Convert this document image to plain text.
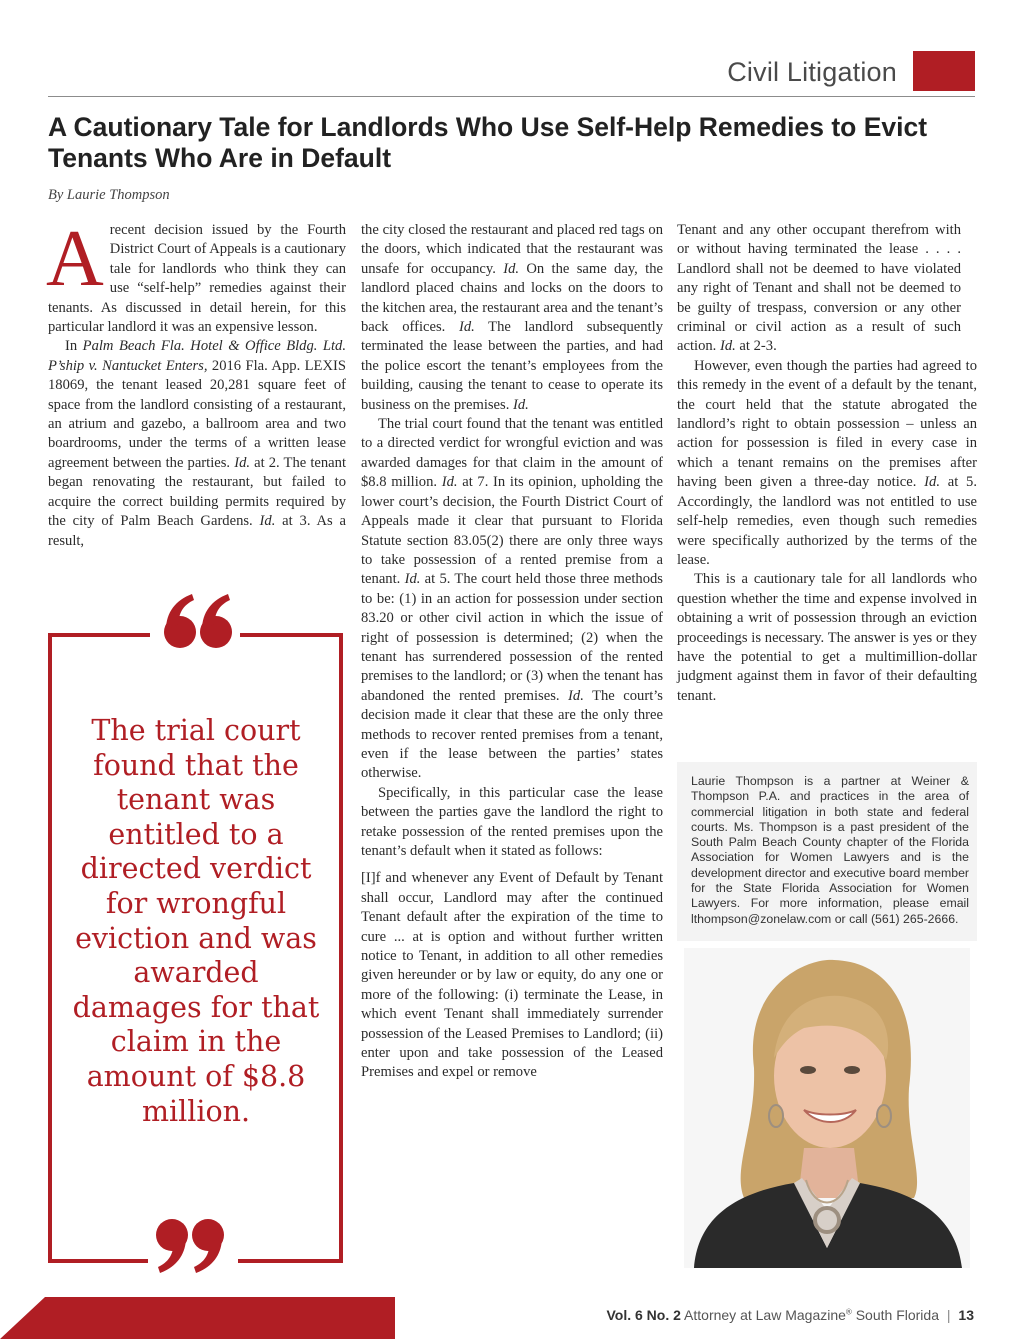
Civil Litigation
A Cautionary Tale for Landlords Who Use Self-Help Remedies to Evict Tenants Who Are in Default
By Laurie Thompson

Arecent decision issued by the Fourth District Court of Appeals is a cautionary tale for landlords who think they can use “self-help” remedies against their tenants. As discussed in detail herein, for this particular landlord it was an expensive lesson.

In Palm Beach Fla. Hotel & Office Bldg. Ltd. P’ship v. Nantucket Enters, 2016 Fla. App. LEXIS 18069, the tenant leased 20,281 square feet of space from the landlord consisting of a restaurant, an atrium and gazebo, a ballroom area and two boardrooms, under the terms of a written lease agreement between the parties. Id. at 2. The tenant began renovating the restaurant, but failed to acquire the correct building permits required by the city of Palm Beach Gardens. Id. at 3. As a result,

The trial court found that the tenant was entitled to a directed verdict for wrongful eviction and was awarded damages for that claim in the amount of $8.8 million.

the city closed the restaurant and placed red tags on the doors, which indicated that the restaurant was unsafe for occupancy. Id. On the same day, the landlord placed chains and locks on the doors to the kitchen area, the restaurant area and the tenant’s back offices. Id. The landlord subsequently terminated the lease between the parties, and had the police escort the tenant’s employees from the building, causing the tenant to cease to operate its business on the premises. Id.

The trial court found that the tenant was entitled to a directed verdict for wrongful eviction and was awarded damages for that claim in the amount of $8.8 million. Id. at 7. In its opinion, upholding the lower court’s decision, the Fourth District Court of Appeals made it clear that pursuant to Florida Statute section 83.05(2) there are only three ways to take possession of a rented premise from a tenant. Id. at 5. The court held those three methods to be: (1) in an action for possession under section 83.20 or other civil action in which the issue of right of possession is determined; (2) when the tenant has surrendered possession of the rented premises to the landlord; or (3) when the tenant has abandoned the rented premises. Id. The court’s decision made it clear that these are the only three methods to recover rented premises from a tenant, even if the lease between the parties’ states otherwise.

Specifically, in this particular case the lease between the parties gave the landlord the right to retake possession of the rented premises upon the tenant’s default when it stated as follows:

[I]f and whenever any Event of Default by Tenant shall occur, Landlord may after the continued Tenant default after the expiration of the time to cure ... at is option and without further written notice to Tenant, in addition to all other remedies given hereunder or by law or equity, do any one or more of the following: (i) terminate the Lease, in which event Tenant shall immediately surrender possession of the Leased Premises to Landlord; (ii) enter upon and take possession of the Leased Premises and expel or remove

Tenant and any other occupant therefrom with or without having terminated the lease . . . . Landlord shall not be deemed to have violated any right of Tenant and shall not be deemed to be guilty of trespass, conversion or any other criminal or civil action as a result of such action. Id. at 2-3.

However, even though the parties had agreed to this remedy in the event of a default by the tenant, the court held that the statute abrogated the landlord’s right to obtain possession – unless an action for possession is filed in every case in which a tenant remains on the premises after having been given a three-day notice. Id. at 5. Accordingly, the landlord was not entitled to use self-help remedies, even though such remedies were specifically authorized by the terms of the lease.

This is a cautionary tale for all landlords who question whether the time and expense involved in obtaining a writ of possession through an eviction proceedings is necessary. The answer is yes or they have the potential to get a multimillion-dollar judgment against them in favor of their defaulting tenant.

Laurie Thompson is a partner at Weiner & Thompson P.A. and practices in the area of commercial litigation in both state and federal courts. Ms. Thompson is a past president of the South Palm Beach County chapter of the Florida Association for Women Lawyers and is the development director and executive board member for the State Florida Association for Women Lawyers. For more information, please email lthompson@zonelaw.com or call (561) 265-2666.

Vol. 6 No. 2 Attorney at Law Magazine® South Florida | 13
